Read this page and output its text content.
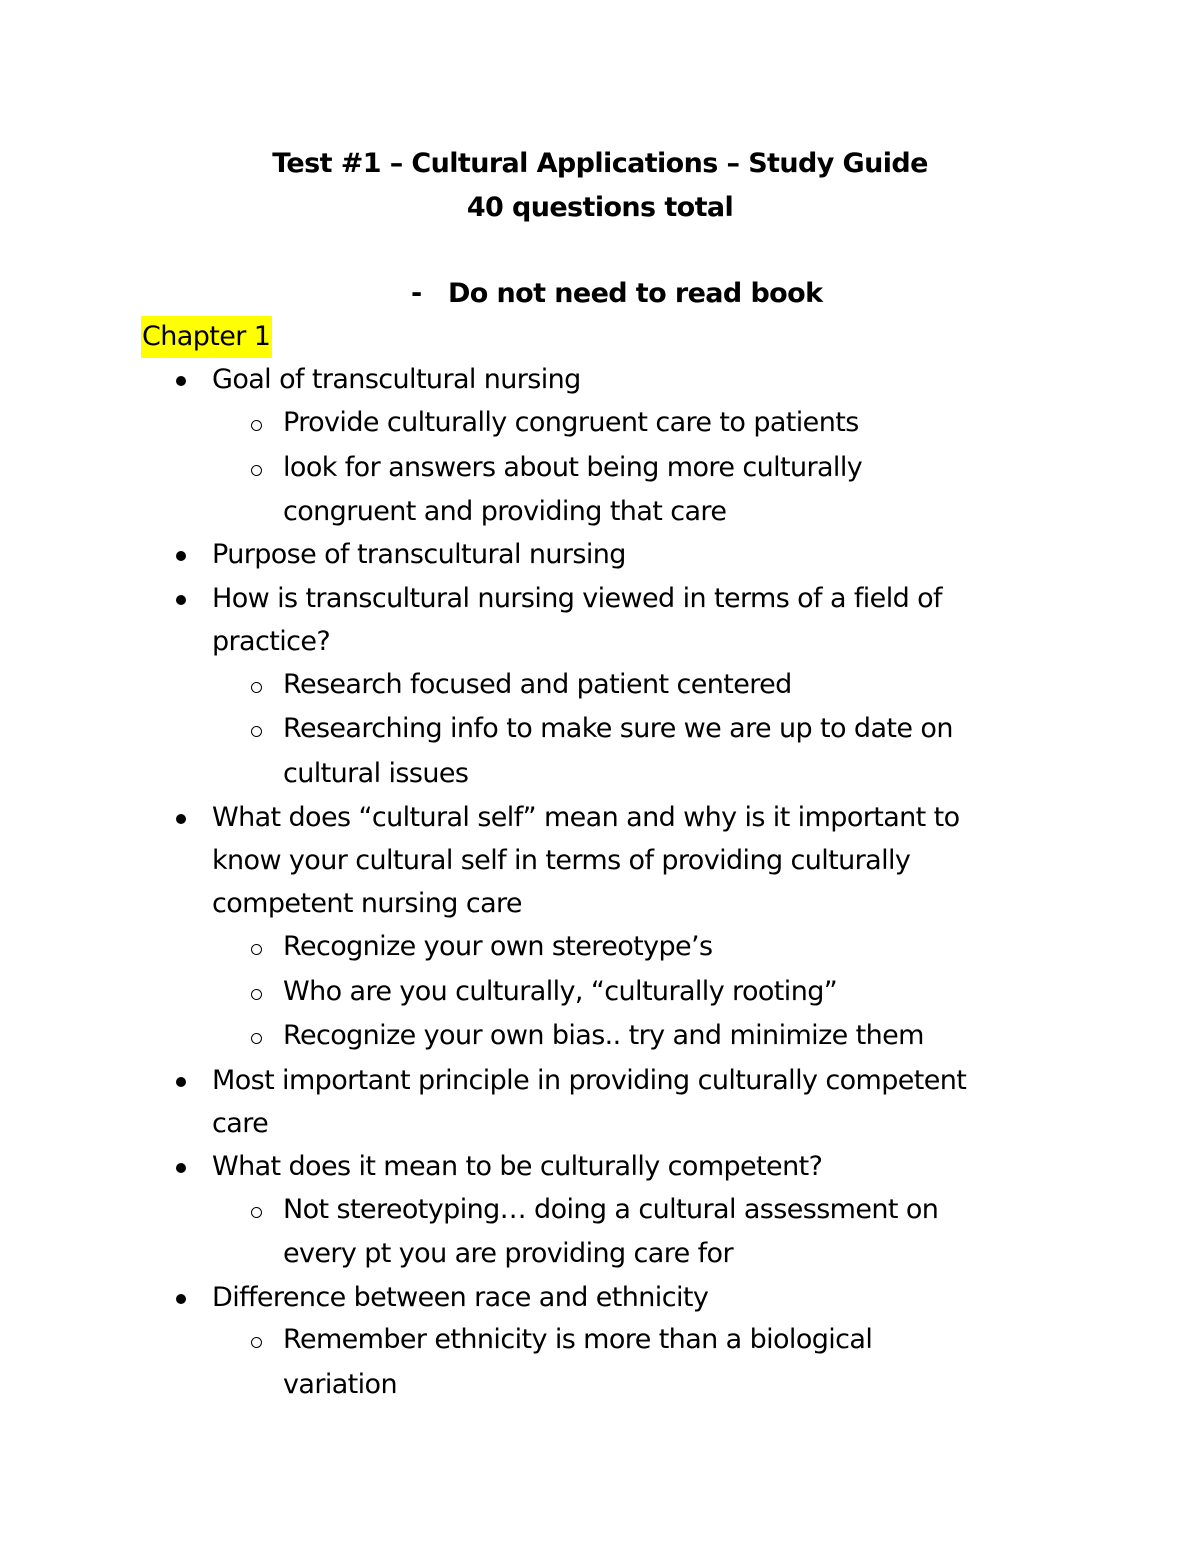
Test #1 – Cultural Applications – Study Guide
40 questions total
- Do not need to read book
Chapter 1
Goal of transcultural nursing
Provide culturally congruent care to patients
look for answers about being more culturally
congruent and providing that care
Purpose of transcultural nursing
How is transcultural nursing viewed in terms of a field of
practice?
Research focused and patient centered
Researching info to make sure we are up to date on
cultural issues
What does “cultural self” mean and why is it important to
know your cultural self in terms of providing culturally
competent nursing care
Recognize your own stereotype’s
Who are you culturally, “culturally rooting”
Recognize your own bias.. try and minimize them
Most important principle in providing culturally competent
care
What does it mean to be culturally competent?
Not stereotyping… doing a cultural assessment on
every pt you are providing care for
Difference between race and ethnicity
Remember ethnicity is more than a biological
variation
